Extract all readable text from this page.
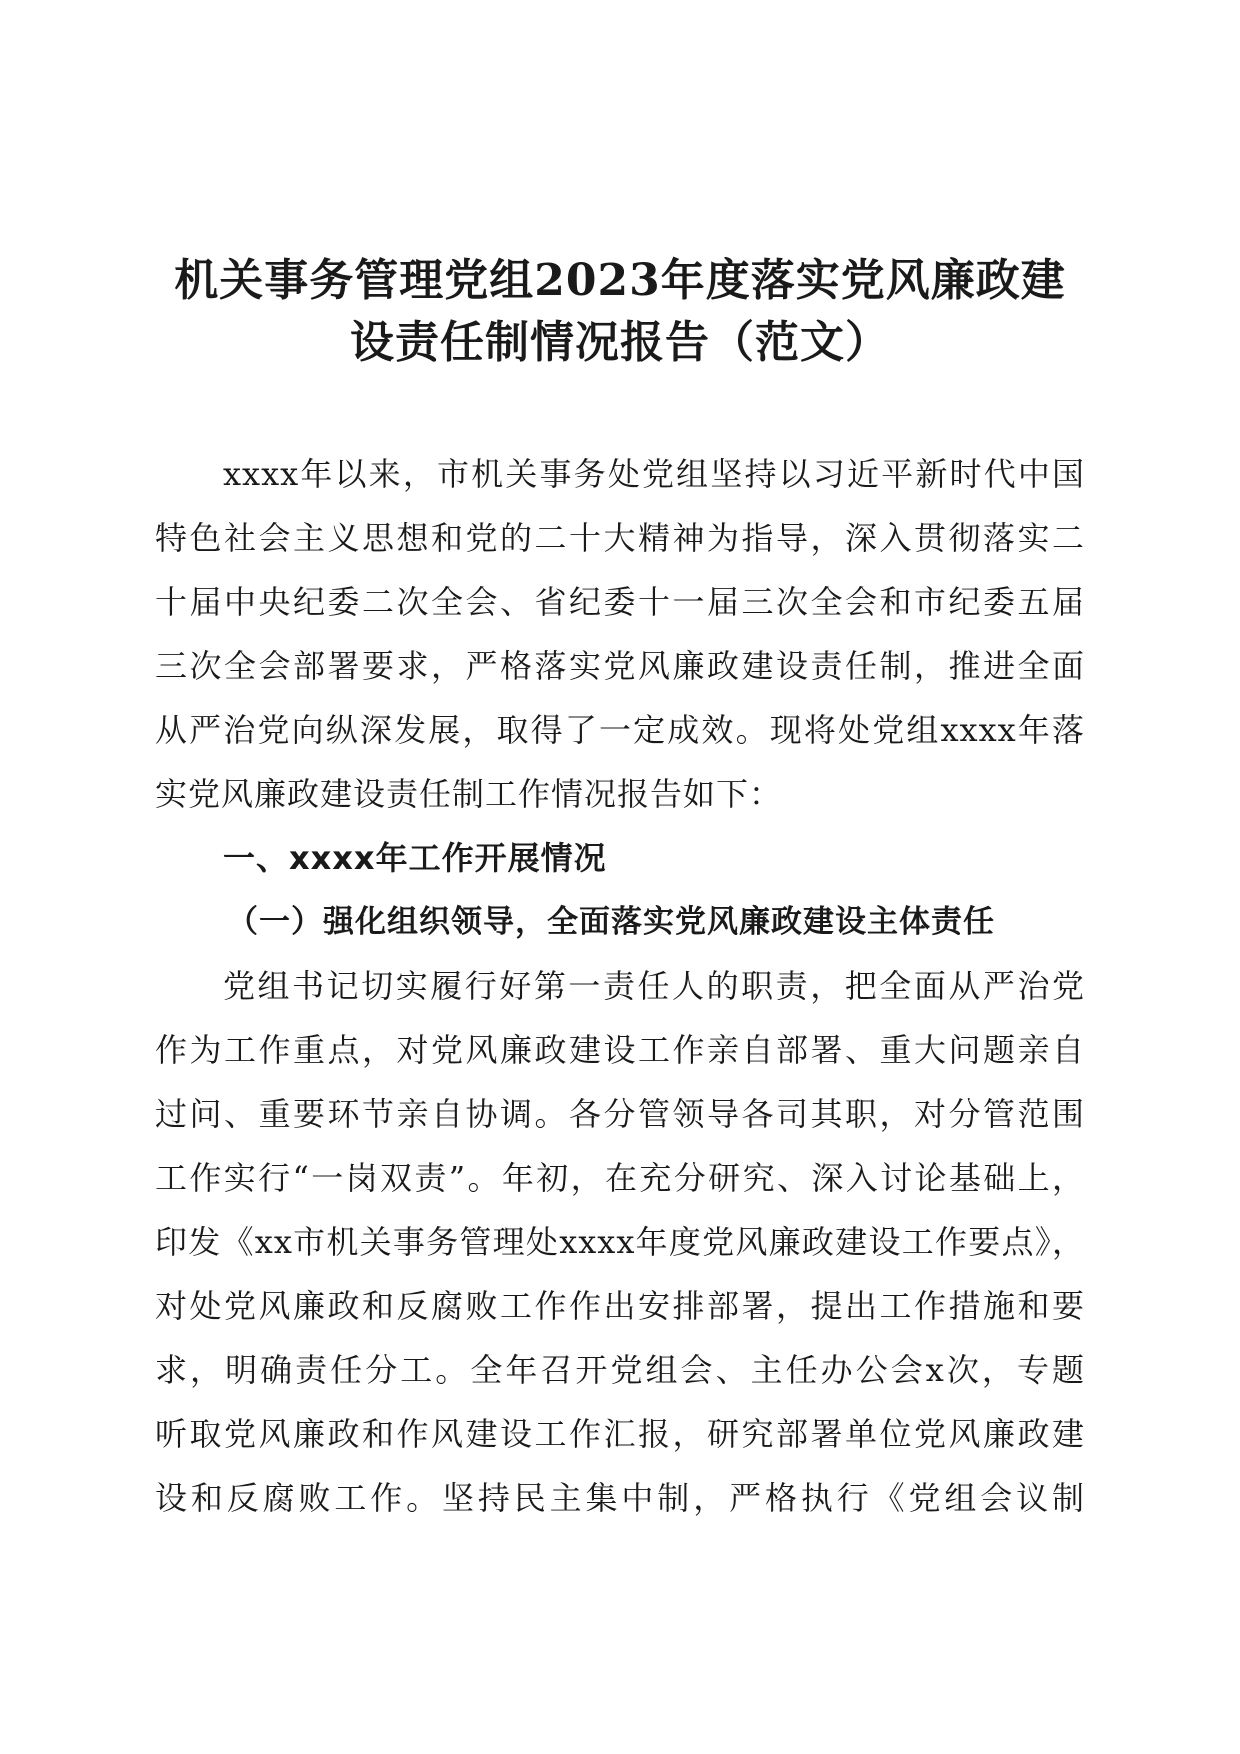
机关事务管理党组2023年度落实党风廉政建
设责任制情况报告（范文）
xxxx年以来，市机关事务处党组坚持以习近平新时代中国
特色社会主义思想和党的二十大精神为指导，深入贯彻落实二
十届中央纪委二次全会、省纪委十一届三次全会和市纪委五届
三次全会部署要求，严格落实党风廉政建设责任制，推进全面
从严治党向纵深发展，取得了一定成效。现将处党组xxxx年落
实党风廉政建设责任制工作情况报告如下：
一、xxxx年工作开展情况
（一）强化组织领导，全面落实党风廉政建设主体责任
党组书记切实履行好第一责任人的职责，把全面从严治党
作为工作重点，对党风廉政建设工作亲自部署、重大问题亲自
过问、重要环节亲自协调。各分管领导各司其职，对分管范围
工作实行“一岗双责”。年初，在充分研究、深入讨论基础上，
印发《xx市机关事务管理处xxxx年度党风廉政建设工作要点》，
对处党风廉政和反腐败工作作出安排部署，提出工作措施和要
求，明确责任分工。全年召开党组会、主任办公会x次，专题
听取党风廉政和作风建设工作汇报，研究部署单位党风廉政建
设和反腐败工作。坚持民主集中制，严格执行《党组会议制
